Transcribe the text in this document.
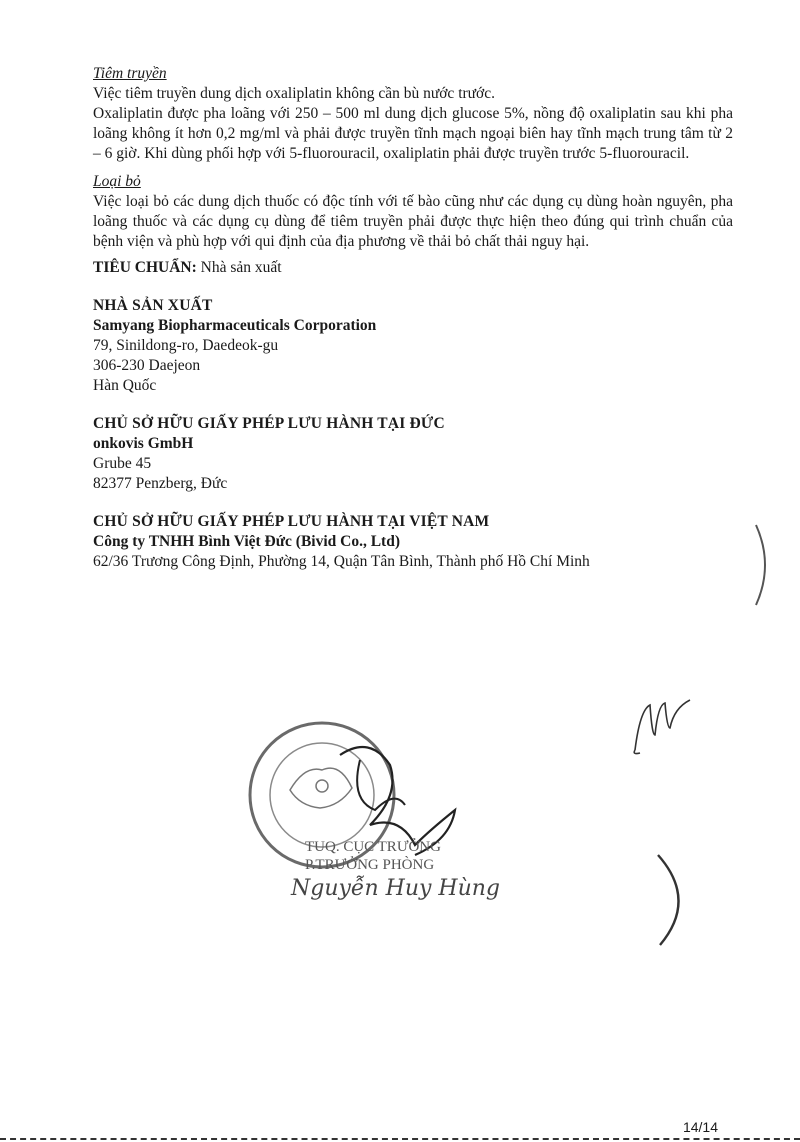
Tiêm truyền
Việc tiêm truyền dung dịch oxaliplatin không cần bù nước trước.
Oxaliplatin được pha loãng với 250 – 500 ml dung dịch glucose 5%, nồng độ oxaliplatin sau khi pha loãng không ít hơn 0,2 mg/ml và phải được truyền tĩnh mạch ngoại biên hay tĩnh mạch trung tâm từ 2 – 6 giờ. Khi dùng phối hợp với 5-fluorouracil, oxaliplatin phải được truyền trước 5-fluorouracil.
Loại bỏ
Việc loại bỏ các dung dịch thuốc có độc tính với tế bào cũng như các dụng cụ dùng hoàn nguyên, pha loãng thuốc và các dụng cụ dùng để tiêm truyền phải được thực hiện theo đúng qui trình chuẩn của bệnh viện và phù hợp với qui định của địa phương về thải bỏ chất thải nguy hại.
TIÊU CHUẨN: Nhà sản xuất
NHÀ SẢN XUẤT
Samyang Biopharmaceuticals Corporation
79, Sinildong-ro, Daedeok-gu
306-230 Daejeon
Hàn Quốc
CHỦ SỞ HỮU GIẤY PHÉP LƯU HÀNH TẠI ĐỨC
onkovis GmbH
Grube 45
82377 Penzberg, Đức
CHỦ SỞ HỮU GIẤY PHÉP LƯU HÀNH TẠI VIỆT NAM
Công ty TNHH Bình Việt Đức (Bivid Co., Ltd)
62/36 Trương Công Định, Phường 14, Quận Tân Bình, Thành phố Hồ Chí Minh
TUQ. CỤC TRƯỞNG
P.TRƯỞNG PHÒNG
Nguyễn Huy Hùng
14/14
